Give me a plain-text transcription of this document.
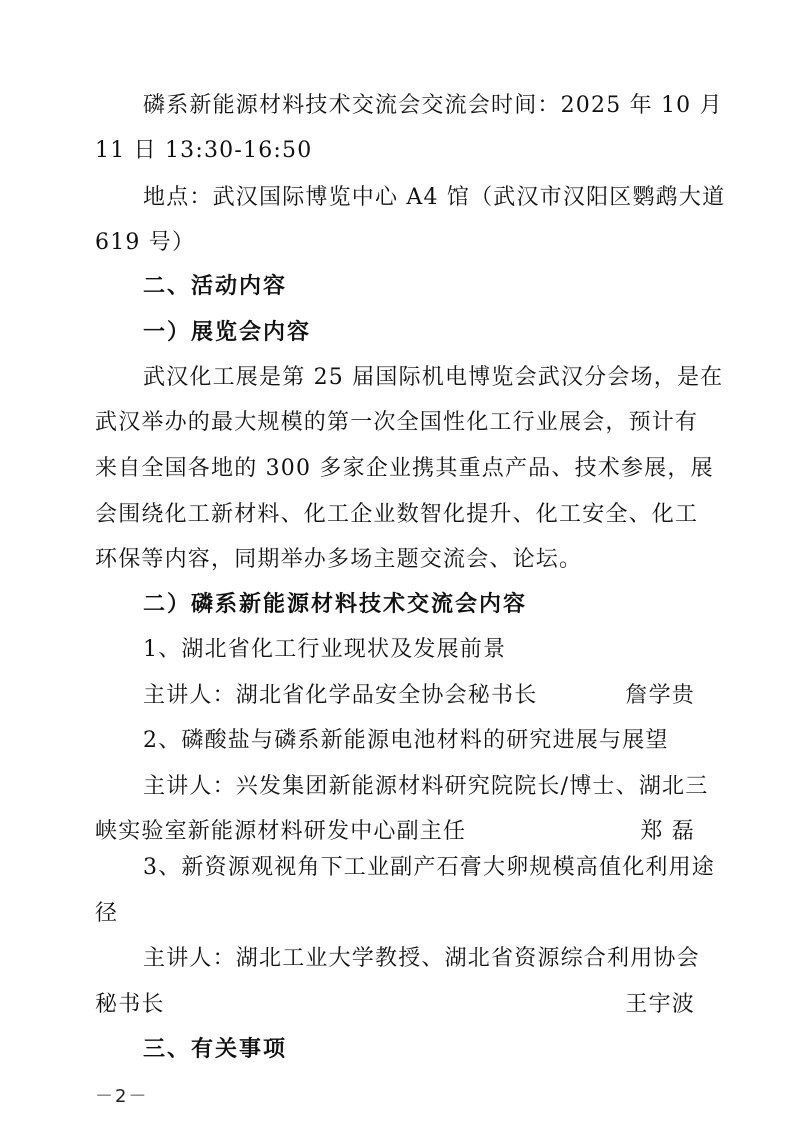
磷系新能源材料技术交流会交流会时间：2025 年 10 月
11 日 13:30-16:50
地点：武汉国际博览中心 A4 馆（武汉市汉阳区鹦鹉大道
619 号）
二、活动内容
一）展览会内容
武汉化工展是第 25 届国际机电博览会武汉分会场，是在
武汉举办的最大规模的第一次全国性化工行业展会，预计有
来自全国各地的 300 多家企业携其重点产品、技术参展，展
会围绕化工新材料、化工企业数智化提升、化工安全、化工
环保等内容，同期举办多场主题交流会、论坛。
二）磷系新能源材料技术交流会内容
1、湖北省化工行业现状及发展前景
主讲人：湖北省化学品安全协会秘书长	詹学贵
2、磷酸盐与磷系新能源电池材料的研究进展与展望
主讲人：兴发集团新能源材料研究院院长/博士、湖北三
峡实验室新能源材料研发中心副主任	郑 磊
3、新资源观视角下工业副产石膏大卵规模高值化利用途
径
主讲人：湖北工业大学教授、湖北省资源综合利用协会
秘书长	王宇波
三、有关事项
－2－
